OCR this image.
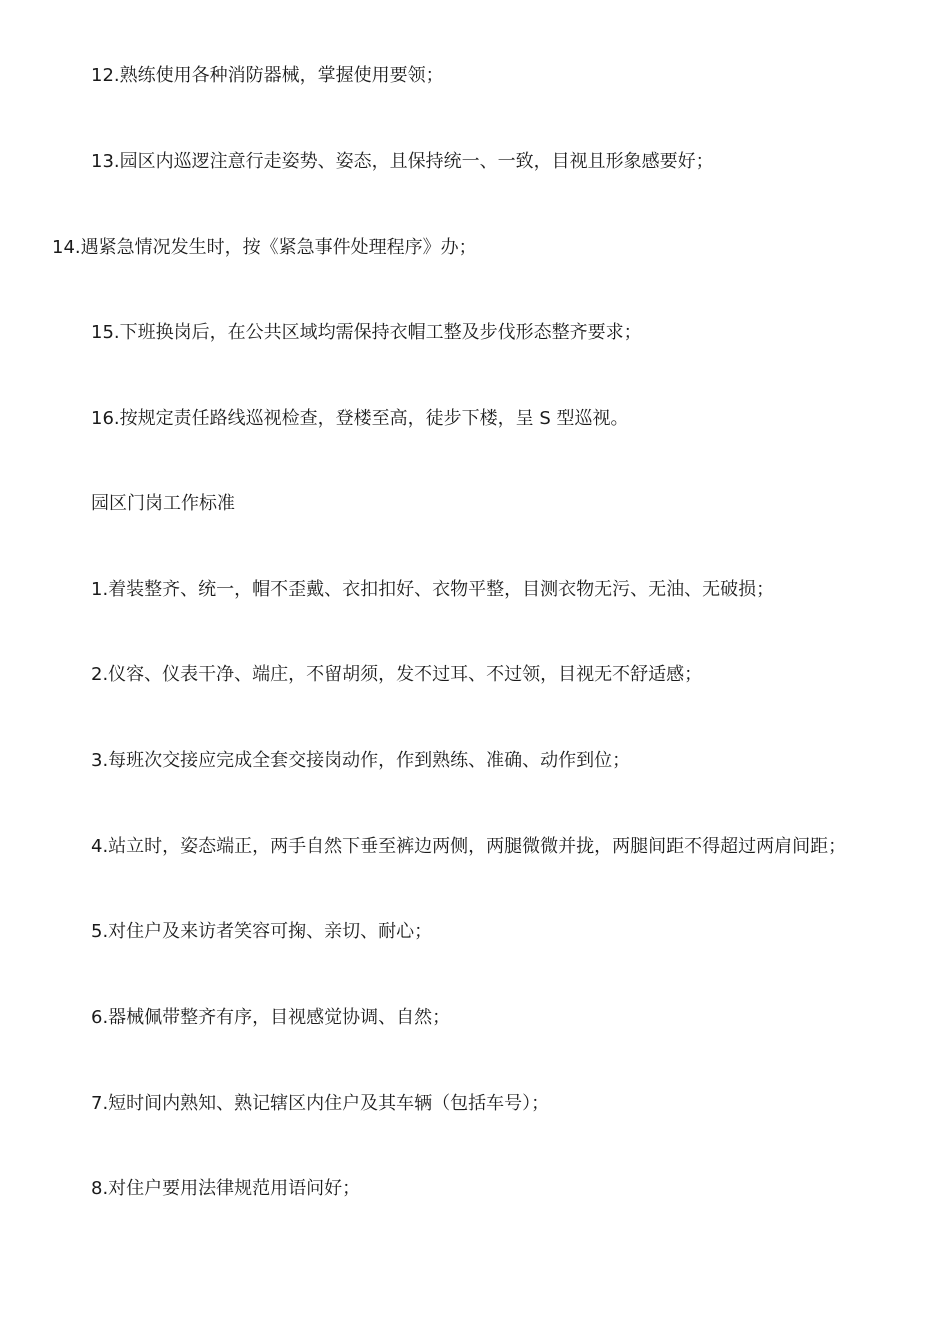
12.熟练使用各种消防器械，掌握使用要领；
13.园区内巡逻注意行走姿势、姿态，且保持统一、一致，目视且形象感要好；
14.遇紧急情况发生时，按《紧急事件处理程序》办；
15.下班换岗后，在公共区域均需保持衣帽工整及步伐形态整齐要求；
16.按规定责任路线巡视检查，登楼至高，徒步下楼，呈 S 型巡视。
园区门岗工作标准
1.着装整齐、统一，帽不歪戴、衣扣扣好、衣物平整，目测衣物无污、无油、无破损；
2.仪容、仪表干净、端庄，不留胡须，发不过耳、不过领，目视无不舒适感；
3.每班次交接应完成全套交接岗动作，作到熟练、准确、动作到位；
4.站立时，姿态端正，两手自然下垂至裤边两侧，两腿微微并拢，两腿间距不得超过两肩间距；
5.对住户及来访者笑容可掬、亲切、耐心；
6.器械佩带整齐有序，目视感觉协调、自然；
7.短时间内熟知、熟记辖区内住户及其车辆（包括车号）；
8.对住户要用法律规范用语问好；
